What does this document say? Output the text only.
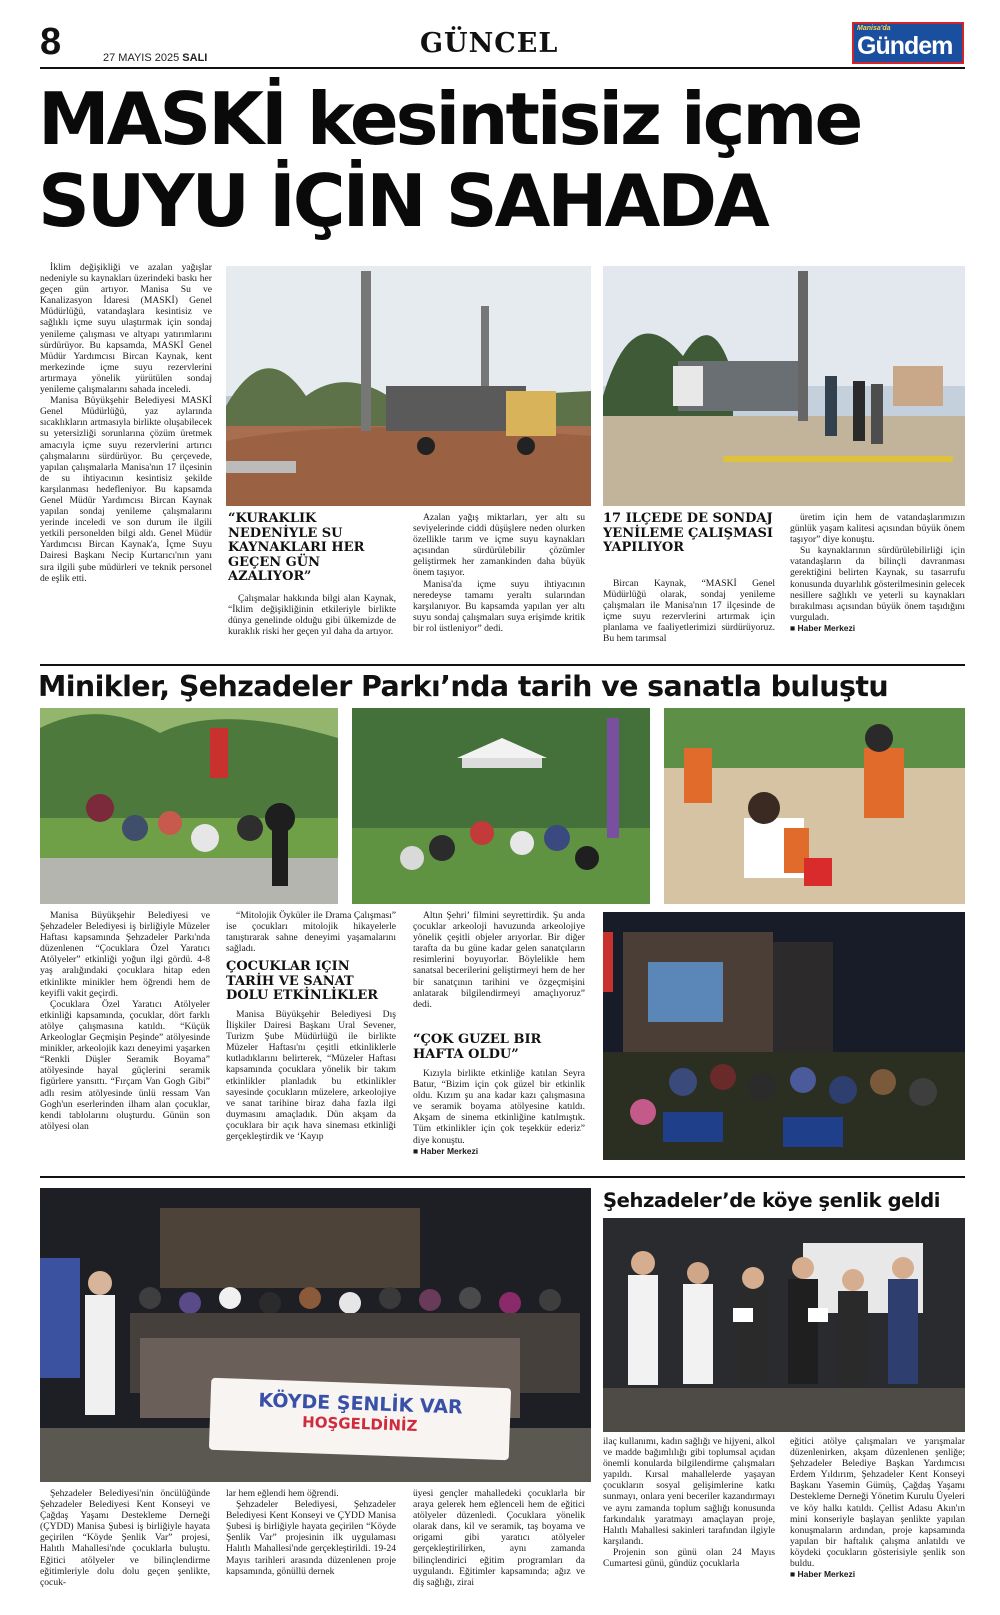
8	27 MAYIS 2025 SALI	GÜNCEL	Manisa'da
Gündem
MASKİ kesintisiz içme
SUYU İÇİN SAHADA

İklim değişikliği ve azalan yağışlar nedeniyle su kaynakları üzerindeki baskı her geçen gün artıyor. Manisa Su ve Kanalizasyon İdaresi (MASKİ) Genel Müdürlüğü, vatandaşlara kesintisiz ve sağlıklı içme suyu ulaştırmak için sondaj yenileme çalışması ve altyapı yatırımlarını sürdürüyor. Bu kapsamda, MASKİ Genel Müdür Yardımcısı Bircan Kaynak, kent merkezinde içme suyu rezervlerini artırmaya yönelik yürütülen sondaj yenileme çalışmalarını sahada inceledi.

Manisa Büyükşehir Belediyesi MASKİ Genel Müdürlüğü, yaz aylarında sıcaklıkların artmasıyla birlikte oluşabilecek su yetersizliği sorunlarına çözüm üretmek amacıyla içme suyu rezervlerini artırıcı çalışmalarını sürdürüyor. Bu çerçevede, yapılan çalışmalarla Manisa'nın 17 ilçesinin de su ihtiyacının kesintisiz şekilde karşılanması hedefleniyor. Bu kapsamda Genel Müdür Yardımcısı Bircan Kaynak yapılan sondaj yenileme çalışmalarını yerinde inceledi ve son durum ile ilgili yetkili personelden bilgi aldı. Genel Müdür Yardımcısı Bircan Kaynak'a, İçme Suyu Dairesi Başkanı Necip Kurtarıcı'nın yanı sıra ilgili şube müdürleri ve teknik personel de eşlik etti.

“KURAKLIK NEDENİYLE SU KAYNAKLARI HER GEÇEN GÜN AZALIYOR”

Çalışmalar hakkında bilgi alan Kaynak, “İklim değişikliğinin etkileriyle birlikte dünya genelinde olduğu gibi ülkemizde de kuraklık riski her geçen yıl daha da artıyor.

Azalan yağış miktarları, yer altı su seviyelerinde ciddi düşüşlere neden olurken özellikle tarım ve içme suyu kaynakları açısından sürdürülebilir çözümler geliştirmek her zamankinden daha büyük önem taşıyor.

Manisa'da içme suyu ihtiyacının neredeyse tamamı yeraltı sularından karşılanıyor. Bu kapsamda yapılan yer altı suyu sondaj çalışmaları suya erişimde kritik bir rol üstleniyor” dedi.

17 İLÇEDE DE SONDAJ YENİLEME ÇALIŞMASI YAPILIYOR

Bircan Kaynak, “MASKİ Genel Müdürlüğü olarak, sondaj yenileme çalışmaları ile Manisa'nın 17 ilçesinde de içme suyu rezervlerini artırmak için planlama ve faaliyetlerimizi sürdürüyoruz. Bu hem tarımsal

üretim için hem de vatandaşlarımızın günlük yaşam kalitesi açısından büyük önem taşıyor” diye konuştu.

Su kaynaklarının sürdürülebilirliği için vatandaşların da bilinçli davranması gerektiğini belirten Kaynak, su tasarrufu konusunda duyarlılık gösterilmesinin gelecek nesillere sağlıklı ve yeterli su kaynakları bırakılması açısından büyük önem taşıdığını vurguladı.

■ Haber Merkezi

Minikler, Şehzadeler Parkı’nda tarih ve sanatla buluştu

Manisa Büyükşehir Belediyesi ve Şehzadeler Belediyesi iş birliğiyle Müzeler Haftası kapsamında Şehzadeler Parkı'nda düzenlenen “Çocuklara Özel Yaratıcı Atölyeler” etkinliği yoğun ilgi gördü. 4-8 yaş aralığındaki çocuklara hitap eden etkinlikte minikler hem öğrendi hem de keyifli vakit geçirdi.

Çocuklara Özel Yaratıcı Atölyeler etkinliği kapsamında, çocuklar, dört farklı atölye çalışmasına katıldı. “Küçük Arkeologlar Geçmişin Peşinde” atölyesinde minikler, arkeolojik kazı deneyimi yaşarken “Renkli Düşler Seramik Boyama” atölyesinde hayal güçlerini seramik figürlere yansıttı. “Fırçam Van Gogh Gibi” adlı resim atölyesinde ünlü ressam Van Gogh'un eserlerinden ilham alan çocuklar, kendi tablolarını oluşturdu. Günün son atölyesi olan

“Mitolojik Öyküler ile Drama Çalışması” ise çocukları mitolojik hikayelerle tanıştırarak sahne deneyimi yaşamalarını sağladı.

ÇOCUKLAR İÇİN TARİH VE SANAT DOLU ETKİNLİKLER

Manisa Büyükşehir Belediyesi Dış İlişkiler Dairesi Başkanı Ural Sevener, Turizm Şube Müdürlüğü ile birlikte Müzeler Haftası'nı çeşitli etkinliklerle kutladıklarını belirterek, “Müzeler Haftası kapsamında çocuklara yönelik bir takım etkinlikler planladık bu etkinlikler sayesinde çocukların müzelere, arkeolojiye ve sanat tarihine biraz daha fazla ilgi duymasını amaçladık. Dün akşam da çocuklara bir açık hava sineması etkinliği gerçekleştirdik ve ‘Kayıp

Altın Şehri’ filmini seyrettirdik. Şu anda çocuklar arkeoloji havuzunda arkeolojiye yönelik çeşitli objeler arıyorlar. Bir diğer tarafta da bu güne kadar gelen sanatçıların resimlerini boyuyorlar. Böylelikle hem sanatsal becerilerini geliştirmeyi hem de her bir sanatçının tarihini ve özgeçmişini anlatarak bilgilendirmeyi amaçlıyoruz” dedi.

“ÇOK GÜZEL BİR HAFTA OLDU”

Kızıyla birlikte etkinliğe katılan Seyra Batur, “Bizim için çok güzel bir etkinlik oldu. Kızım şu ana kadar kazı çalışmasına ve seramik boyama atölyesine katıldı. Akşam de sinema etkinliğine katılmıştık. Tüm etkinlikler için çok teşekkür ederiz” diye konuştu.

■ Haber Merkezi

KÖYDE ŞENLİK VAR
HOŞGELDİNİZ
Şehzadeler’de köye şenlik geldi

Şehzadeler Belediyesi'nin öncülüğünde Şehzadeler Belediyesi Kent Konseyi ve Çağdaş Yaşamı Destekleme Derneği (ÇYDD) Manisa Şubesi iş birliğiyle hayata geçirilen “Köyde Şenlik Var” projesi, Halıtlı Mahallesi'nde çocuklarla buluştu. Eğitici atölyeler ve bilinçlendirme eğitimleriyle dolu dolu geçen şenlikte, çocuk-

lar hem eğlendi hem öğrendi.

Şehzadeler Belediyesi, Şehzadeler Belediyesi Kent Konseyi ve ÇYDD Manisa Şubesi iş birliğiyle hayata geçirilen “Köyde Şenlik Var” projesinin ilk uygulaması Halıtlı Mahallesi'nde gerçekleştirildi. 19-24 Mayıs tarihleri arasında düzenlenen proje kapsamında, gönüllü dernek

üyesi gençler mahalledeki çocuklarla bir araya gelerek hem eğlenceli hem de eğitici atölyeler düzenledi. Çocuklara yönelik olarak dans, kil ve seramik, taş boyama ve origami gibi yaratıcı atölyeler gerçekleştirilirken, aynı zamanda bilinçlendirici eğitim programları da uygulandı. Eğitimler kapsamında; ağız ve diş sağlığı, zirai

ilaç kullanımı, kadın sağlığı ve hijyeni, alkol ve madde bağımlılığı gibi toplumsal açıdan önemli konularda bilgilendirme çalışmaları yapıldı. Kırsal mahallelerde yaşayan çocukların sosyal gelişimlerine katkı sunmayı, onlara yeni beceriler kazandırmayı ve aynı zamanda toplum sağlığı konusunda farkındalık yaratmayı amaçlayan proje, Halıtlı Mahallesi sakinleri tarafından ilgiyle karşılandı.

Projenin son günü olan 24 Mayıs Cumartesi günü, gündüz çocuklarla

eğitici atölye çalışmaları ve yarışmalar düzenlenirken, akşam düzenlenen şenliğe; Şehzadeler Belediye Başkan Yardımcısı Erdem Yıldırım, Şehzadeler Kent Konseyi Başkanı Yasemin Gümüş, Çağdaş Yaşamı Destekleme Derneği Yönetim Kurulu Üyeleri ve köy halkı katıldı. Çellist Adasu Akın'ın mini konseriyle başlayan şenlikte yapılan konuşmaların ardından, proje kapsamında yapılan bir haftalık çalışma anlatıldı ve köydeki çocukların gösterisiyle şenlik son buldu.

■ Haber Merkezi
